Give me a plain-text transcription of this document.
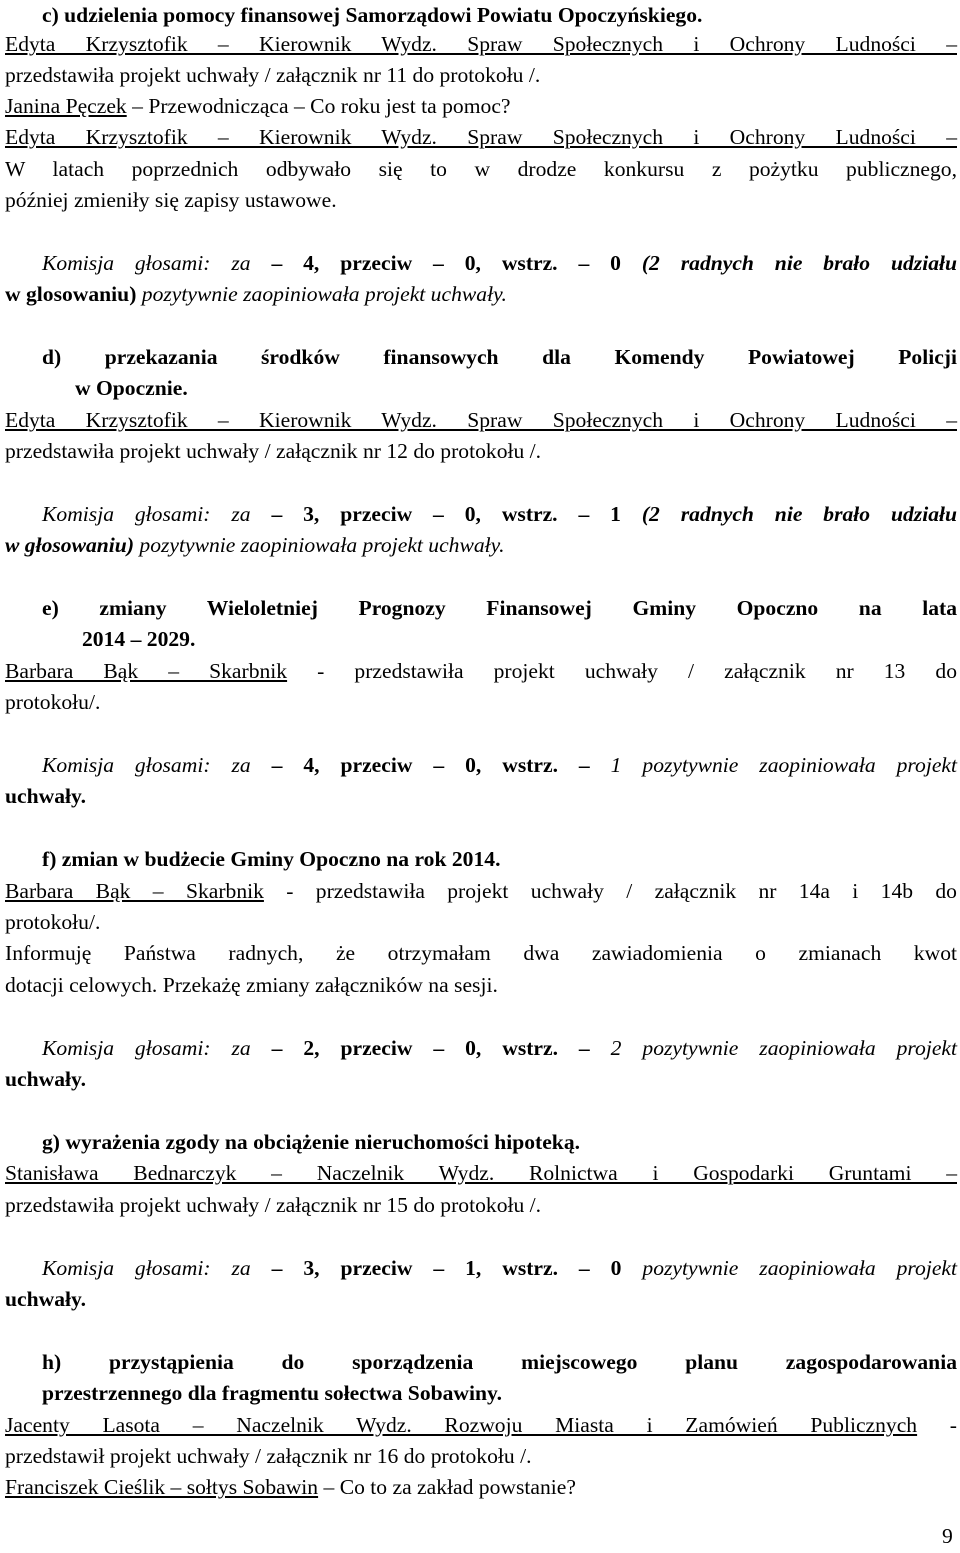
c) udzielenia pomocy finansowej Samorządowi Powiatu Opoczyńskiego.
Edyta Krzysztofik – Kierownik Wydz. Spraw Społecznych i Ochrony Ludności –
przedstawiła projekt uchwały / załącznik nr 11 do protokołu /.
Janina Pęczek – Przewodnicząca – Co roku jest ta pomoc?
Edyta Krzysztofik – Kierownik Wydz. Spraw Społecznych i Ochrony Ludności –
W latach poprzednich odbywało się to w drodze konkursu z pożytku publicznego,
później zmieniły się zapisy ustawowe.
Komisja głosami: za – 4, przeciw – 0, wstrz. – 0 (2 radnych nie brało udziału
w glosowaniu) pozytywnie zaopiniowała projekt uchwały.
d) przekazania środków finansowych dla Komendy Powiatowej Policji
w Opocznie.
Edyta Krzysztofik – Kierownik Wydz. Spraw Społecznych i Ochrony Ludności –
przedstawiła projekt uchwały / załącznik nr 12 do protokołu /.
Komisja głosami: za – 3, przeciw – 0, wstrz. – 1 (2 radnych nie brało udziału
w głosowaniu) pozytywnie zaopiniowała projekt uchwały.
e) zmiany Wieloletniej Prognozy Finansowej Gminy Opoczno na lata
2014 – 2029.
Barbara Bąk – Skarbnik - przedstawiła projekt uchwały / załącznik nr 13 do
protokołu/.
Komisja głosami: za – 4, przeciw – 0, wstrz. – 1 pozytywnie zaopiniowała projekt
uchwały.
f) zmian w budżecie Gminy Opoczno na rok 2014.
Barbara Bąk – Skarbnik - przedstawiła projekt uchwały / załącznik nr 14a i 14b do
protokołu/.
Informuję Państwa radnych, że otrzymałam dwa zawiadomienia o zmianach kwot
dotacji celowych. Przekażę zmiany załączników na sesji.
Komisja głosami: za – 2, przeciw – 0, wstrz. – 2 pozytywnie zaopiniowała projekt
uchwały.
g) wyrażenia zgody na obciążenie nieruchomości hipoteką.
Stanisława Bednarczyk – Naczelnik Wydz. Rolnictwa i Gospodarki Gruntami –
przedstawiła projekt uchwały / załącznik nr 15 do protokołu /.
Komisja głosami: za – 3, przeciw – 1, wstrz. – 0 pozytywnie zaopiniowała projekt
uchwały.
h) przystąpienia do sporządzenia miejscowego planu zagospodarowania
przestrzennego dla fragmentu sołectwa Sobawiny.
Jacenty Lasota – Naczelnik Wydz. Rozwoju Miasta i Zamówień Publicznych -
przedstawił projekt uchwały / załącznik nr 16 do protokołu /.
Franciszek Cieślik – sołtys Sobawin – Co to za zakład powstanie?
9
